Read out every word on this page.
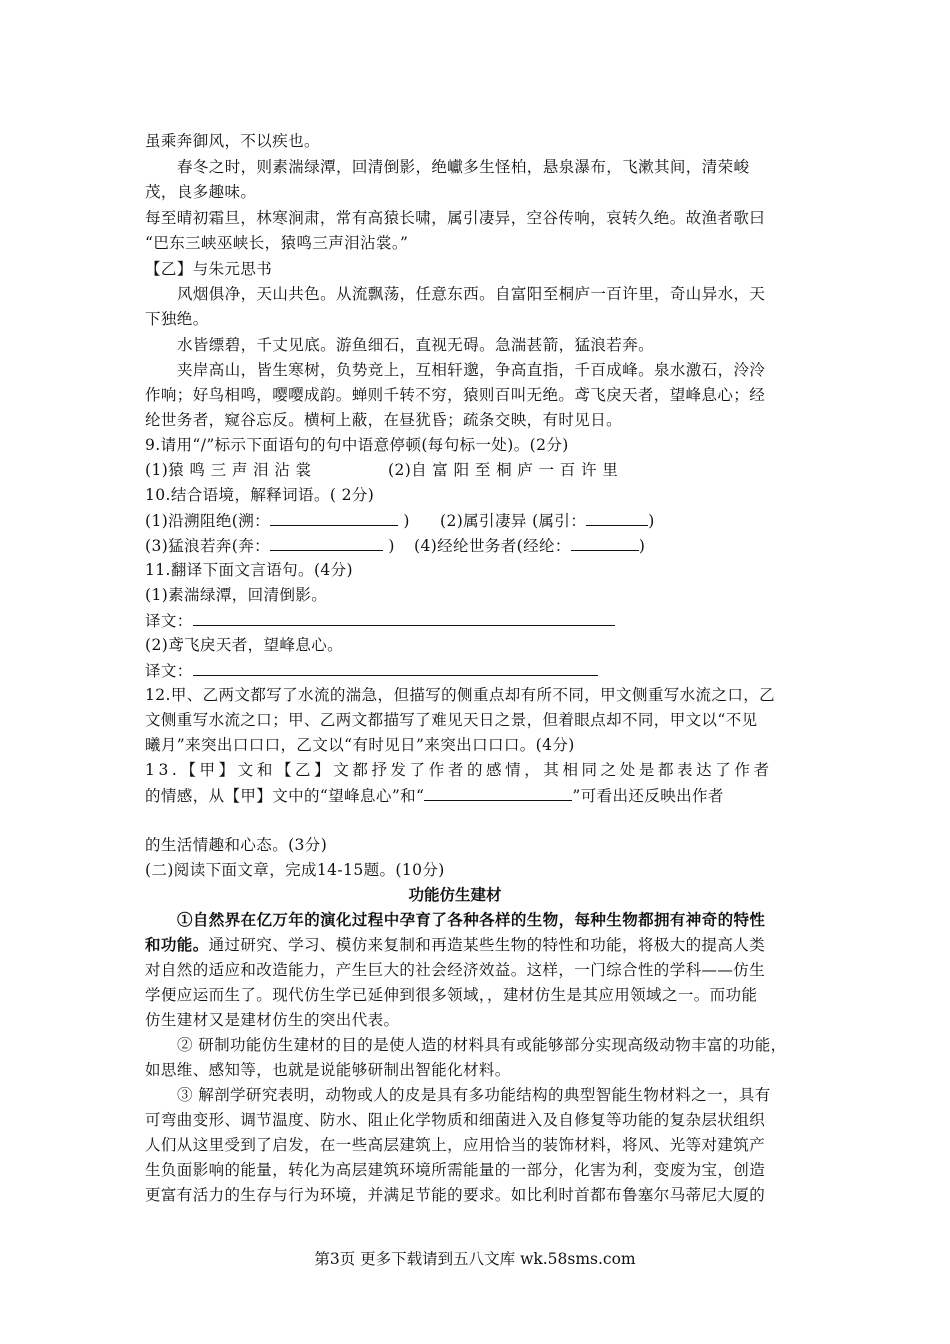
虽乘奔御风，不以疾也。
春冬之时，则素湍绿潭，回清倒影，绝巘多生怪柏，悬泉瀑布，飞漱其间，清荣峻
茂，良多趣味。
每至晴初霜旦，林寒涧肃，常有高猿长啸，属引凄异，空谷传响，哀转久绝。故渔者歌曰
“巴东三峡巫峡长，猿鸣三声泪沾裳。”
【乙】与朱元思书
风烟俱净，天山共色。从流飘荡，任意东西。自富阳至桐庐一百许里，奇山异水，天
下独绝。
水皆缥碧，千丈见底。游鱼细石，直视无碍。急湍甚箭，猛浪若奔。
夹岸高山，皆生寒树，负势竞上，互相轩邈，争高直指，千百成峰。泉水激石，泠泠
作响；好鸟相鸣，嘤嘤成韵。蝉则千转不穷，猿则百叫无绝。鸢飞戾天者，望峰息心；经
纶世务者，窥谷忘反。横柯上蔽，在昼犹昏；疏条交映，有时见日。
9.请用“/”标示下面语句的句中语意停顿(每句标一处)。(2分)
(1)猿 鸣 三 声 泪 沾 裳	(2)自 富 阳 至 桐 庐 一 百 许 里
10.结合语境，解释词语。( 2分)
(1)沿溯阻绝(溯：	) (2)属引凄异 (属引：	)
(3)猛浪若奔(奔：	) (4)经纶世务者(经纶：	)
11.翻译下面文言语句。(4分)
(1)素湍绿潭，回清倒影。
译文：
(2)鸢飞戾天者，望峰息心。
译文：
12.甲、乙两文都写了水流的湍急，但描写的侧重点却有所不同，甲文侧重写水流之口，乙
文侧重写水流之口；甲、乙两文都描写了难见天日之景，但着眼点却不同，甲文以“不见
曦月”来突出口口口，乙文以“有时见日”来突出口口口。(4分)
13.【甲】文和【乙】文都抒发了作者的感情，其相同之处是都表达了作者
的情感，从【甲】文中的“望峰息心”和“	”可看出还反映出作者
的生活情趣和心态。(3分)
(二)阅读下面文章，完成14-15题。(10分)
功能仿生建材
①自然界在亿万年的演化过程中孕育了各种各样的生物，每种生物都拥有神奇的特性
和功能。通过研究、学习、模仿来复制和再造某些生物的特性和功能，将极大的提高人类
对自然的适应和改造能力，产生巨大的社会经济效益。这样，一门综合性的学科——仿生
学便应运而生了。现代仿生学已延伸到很多领域，，建材仿生是其应用领域之一。而功能
仿生建材又是建材仿生的突出代表。
② 研制功能仿生建材的目的是使人造的材料具有或能够部分实现高级动物丰富的功能，
如思维、感知等，也就是说能够研制出智能化材料。
③ 解剖学研究表明，动物或人的皮是具有多功能结构的典型智能生物材料之一，具有
可弯曲变形、调节温度、防水、阻止化学物质和细菌进入及自修复等功能的复杂层状组织
人们从这里受到了启发，在一些高层建筑上，应用恰当的装饰材料，将风、光等对建筑产
生负面影响的能量，转化为高层建筑环境所需能量的一部分，化害为利，变废为宝，创造
更富有活力的生存与行为环境，并满足节能的要求。如比利时首都布鲁塞尔马蒂尼大厦的
第3页 更多下载请到五八文库 wk.58sms.com
